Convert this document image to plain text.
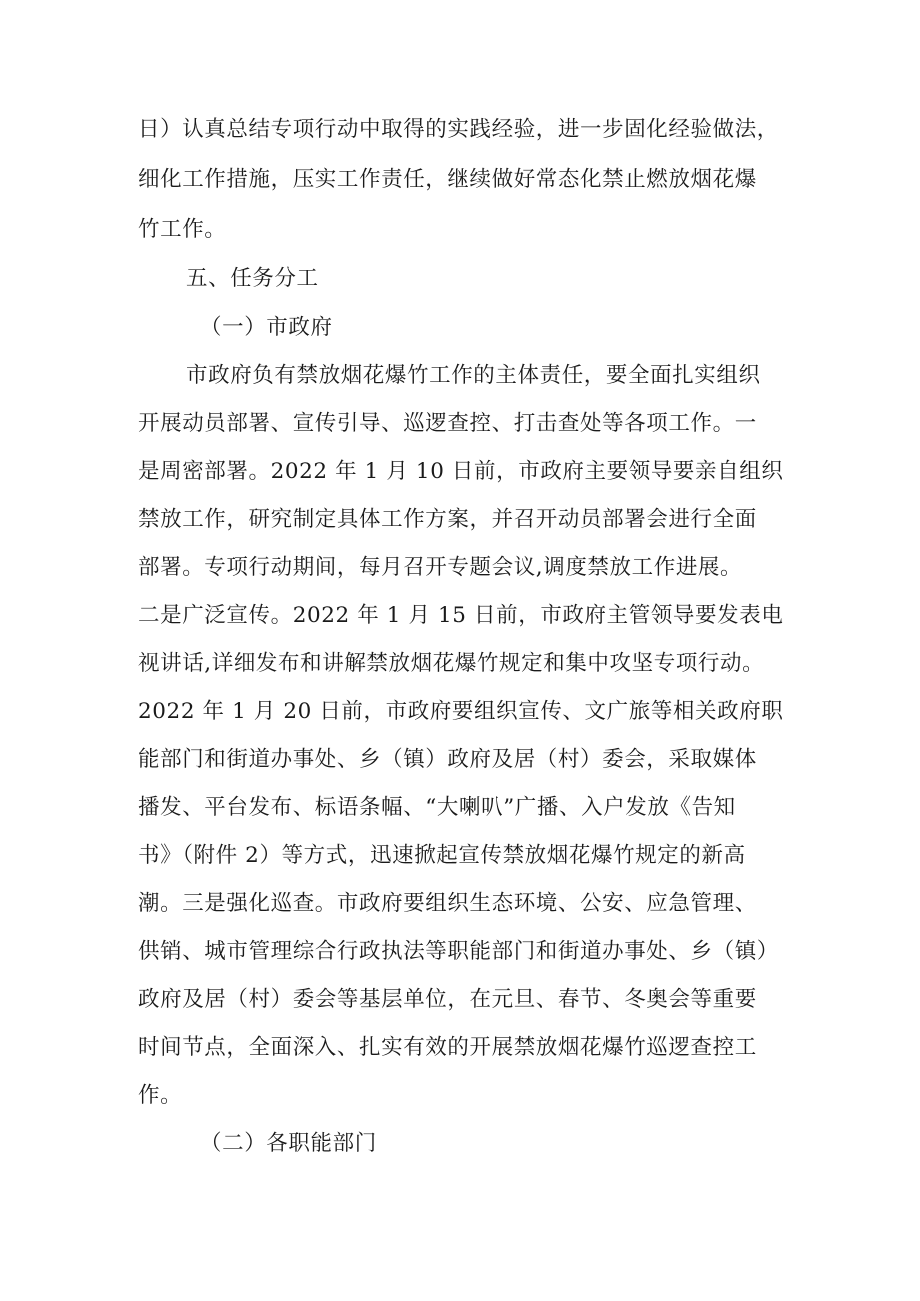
日）认真总结专项行动中取得的实践经验，进一步固化经验做法，
细化工作措施，压实工作责任，继续做好常态化禁止燃放烟花爆
竹工作。
五、任务分工
（一）市政府
市政府负有禁放烟花爆竹工作的主体责任，要全面扎实组织
开展动员部署、宣传引导、巡逻查控、打击查处等各项工作。一
是周密部署。2022 年 1 月 10 日前，市政府主要领导要亲自组织
禁放工作，研究制定具体工作方案，并召开动员部署会进行全面
部署。专项行动期间，每月召开专题会议,调度禁放工作进展。
二是广泛宣传。2022 年 1 月 15 日前，市政府主管领导要发表电
视讲话,详细发布和讲解禁放烟花爆竹规定和集中攻坚专项行动。
2022 年 1 月 20 日前，市政府要组织宣传、文广旅等相关政府职
能部门和街道办事处、乡（镇）政府及居（村）委会，采取媒体
播发、平台发布、标语条幅、“大喇叭”广播、入户发放《告知
书》（附件 2）等方式，迅速掀起宣传禁放烟花爆竹规定的新高
潮。三是强化巡查。市政府要组织生态环境、公安、应急管理、
供销、城市管理综合行政执法等职能部门和街道办事处、乡（镇）
政府及居（村）委会等基层单位，在元旦、春节、冬奥会等重要
时间节点，全面深入、扎实有效的开展禁放烟花爆竹巡逻查控工
作。
（二）各职能部门
